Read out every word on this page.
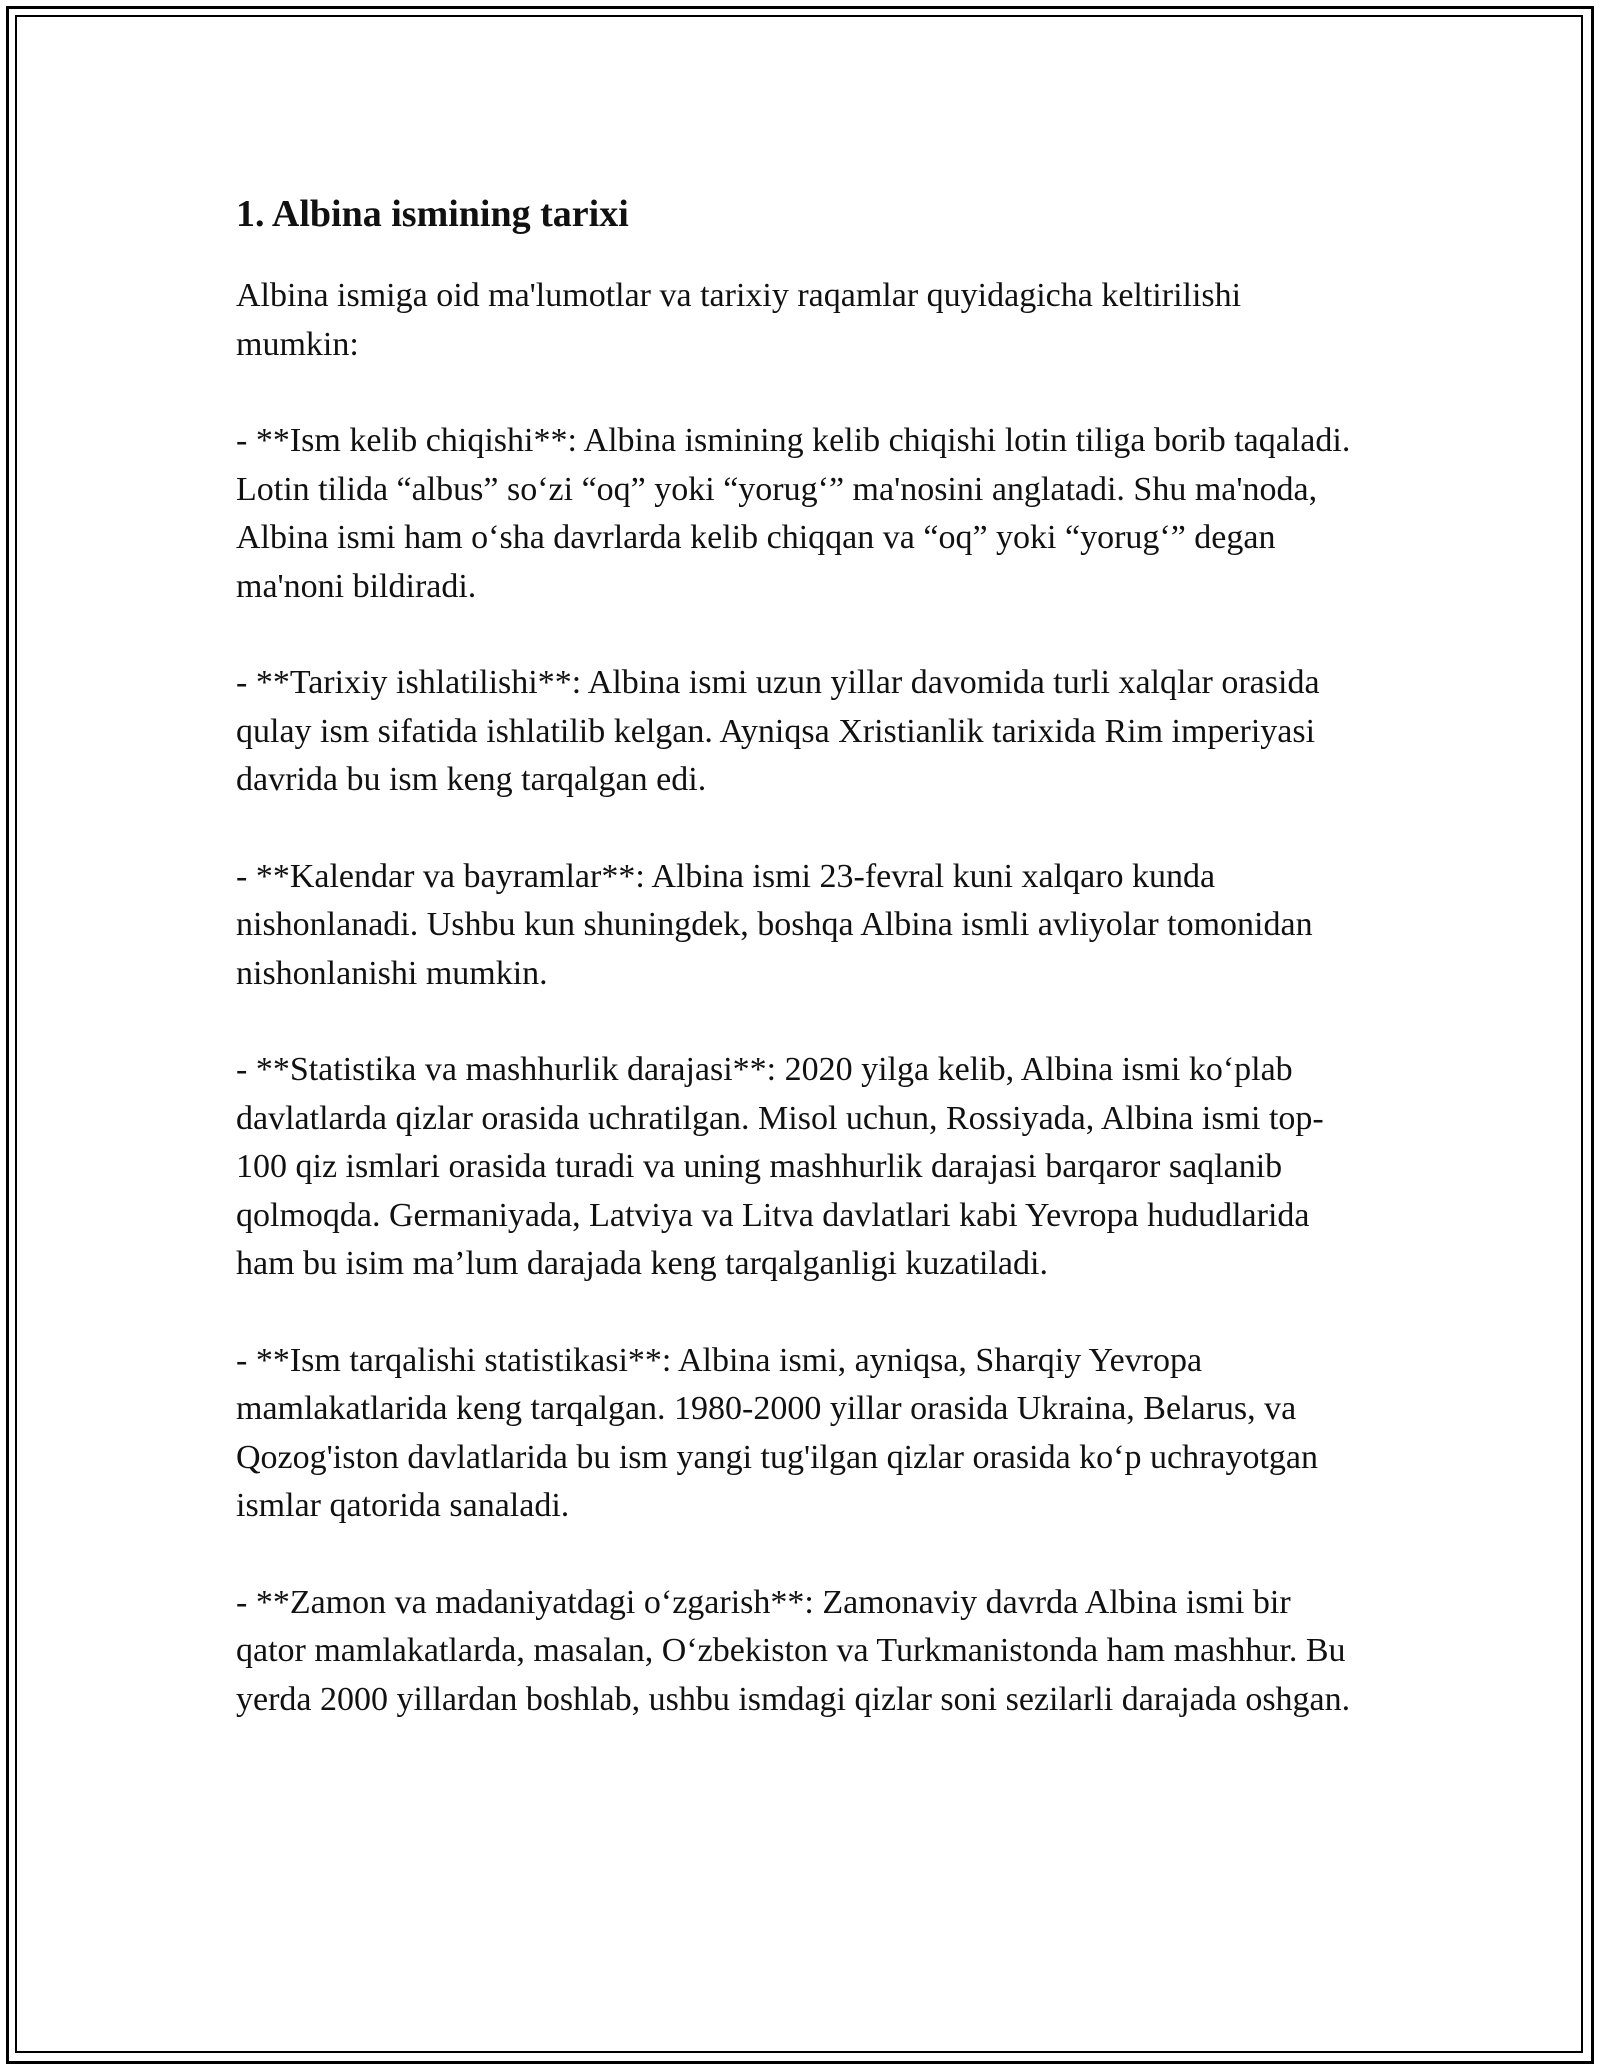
1. Albina ismining tarixi

Albina ismiga oid ma'lumotlar va tarixiy raqamlar quyidagicha keltirilishi mumkin:

- **Ism kelib chiqishi**: Albina ismining kelib chiqishi lotin tiliga borib taqaladi. Lotin tilida “albus” so‘zi “oq” yoki “yorug‘” ma'nosini anglatadi. Shu ma'noda, Albina ismi ham o‘sha davrlarda kelib chiqqan va “oq” yoki “yorug‘” degan ma'noni bildiradi.

- **Tarixiy ishlatilishi**: Albina ismi uzun yillar davomida turli xalqlar orasida qulay ism sifatida ishlatilib kelgan. Ayniqsa Xristianlik tarixida Rim imperiyasi davrida bu ism keng tarqalgan edi.

- **Kalendar va bayramlar**: Albina ismi 23-fevral kuni xalqaro kunda nishonlanadi. Ushbu kun shuningdek, boshqa Albina ismli avliyolar tomonidan nishonlanishi mumkin.

- **Statistika va mashhurlik darajasi**: 2020 yilga kelib, Albina ismi ko‘plab davlatlarda qizlar orasida uchratilgan. Misol uchun, Rossiyada, Albina ismi top-100 qiz ismlari orasida turadi va uning mashhurlik darajasi barqaror saqlanib qolmoqda. Germaniyada, Latviya va Litva davlatlari kabi Yevropa hududlarida ham bu isim ma’lum darajada keng tarqalganligi kuzatiladi.

- **Ism tarqalishi statistikasi**: Albina ismi, ayniqsa, Sharqiy Yevropa mamlakatlarida keng tarqalgan. 1980-2000 yillar orasida Ukraina, Belarus, va Qozog'iston davlatlarida bu ism yangi tug'ilgan qizlar orasida ko‘p uchrayotgan ismlar qatorida sanaladi.

- **Zamon va madaniyatdagi o‘zgarish**: Zamonaviy davrda Albina ismi bir qator mamlakatlarda, masalan, O‘zbekiston va Turkmanistonda ham mashhur. Bu yerda 2000 yillardan boshlab, ushbu ismdagi qizlar soni sezilarli darajada oshgan.
